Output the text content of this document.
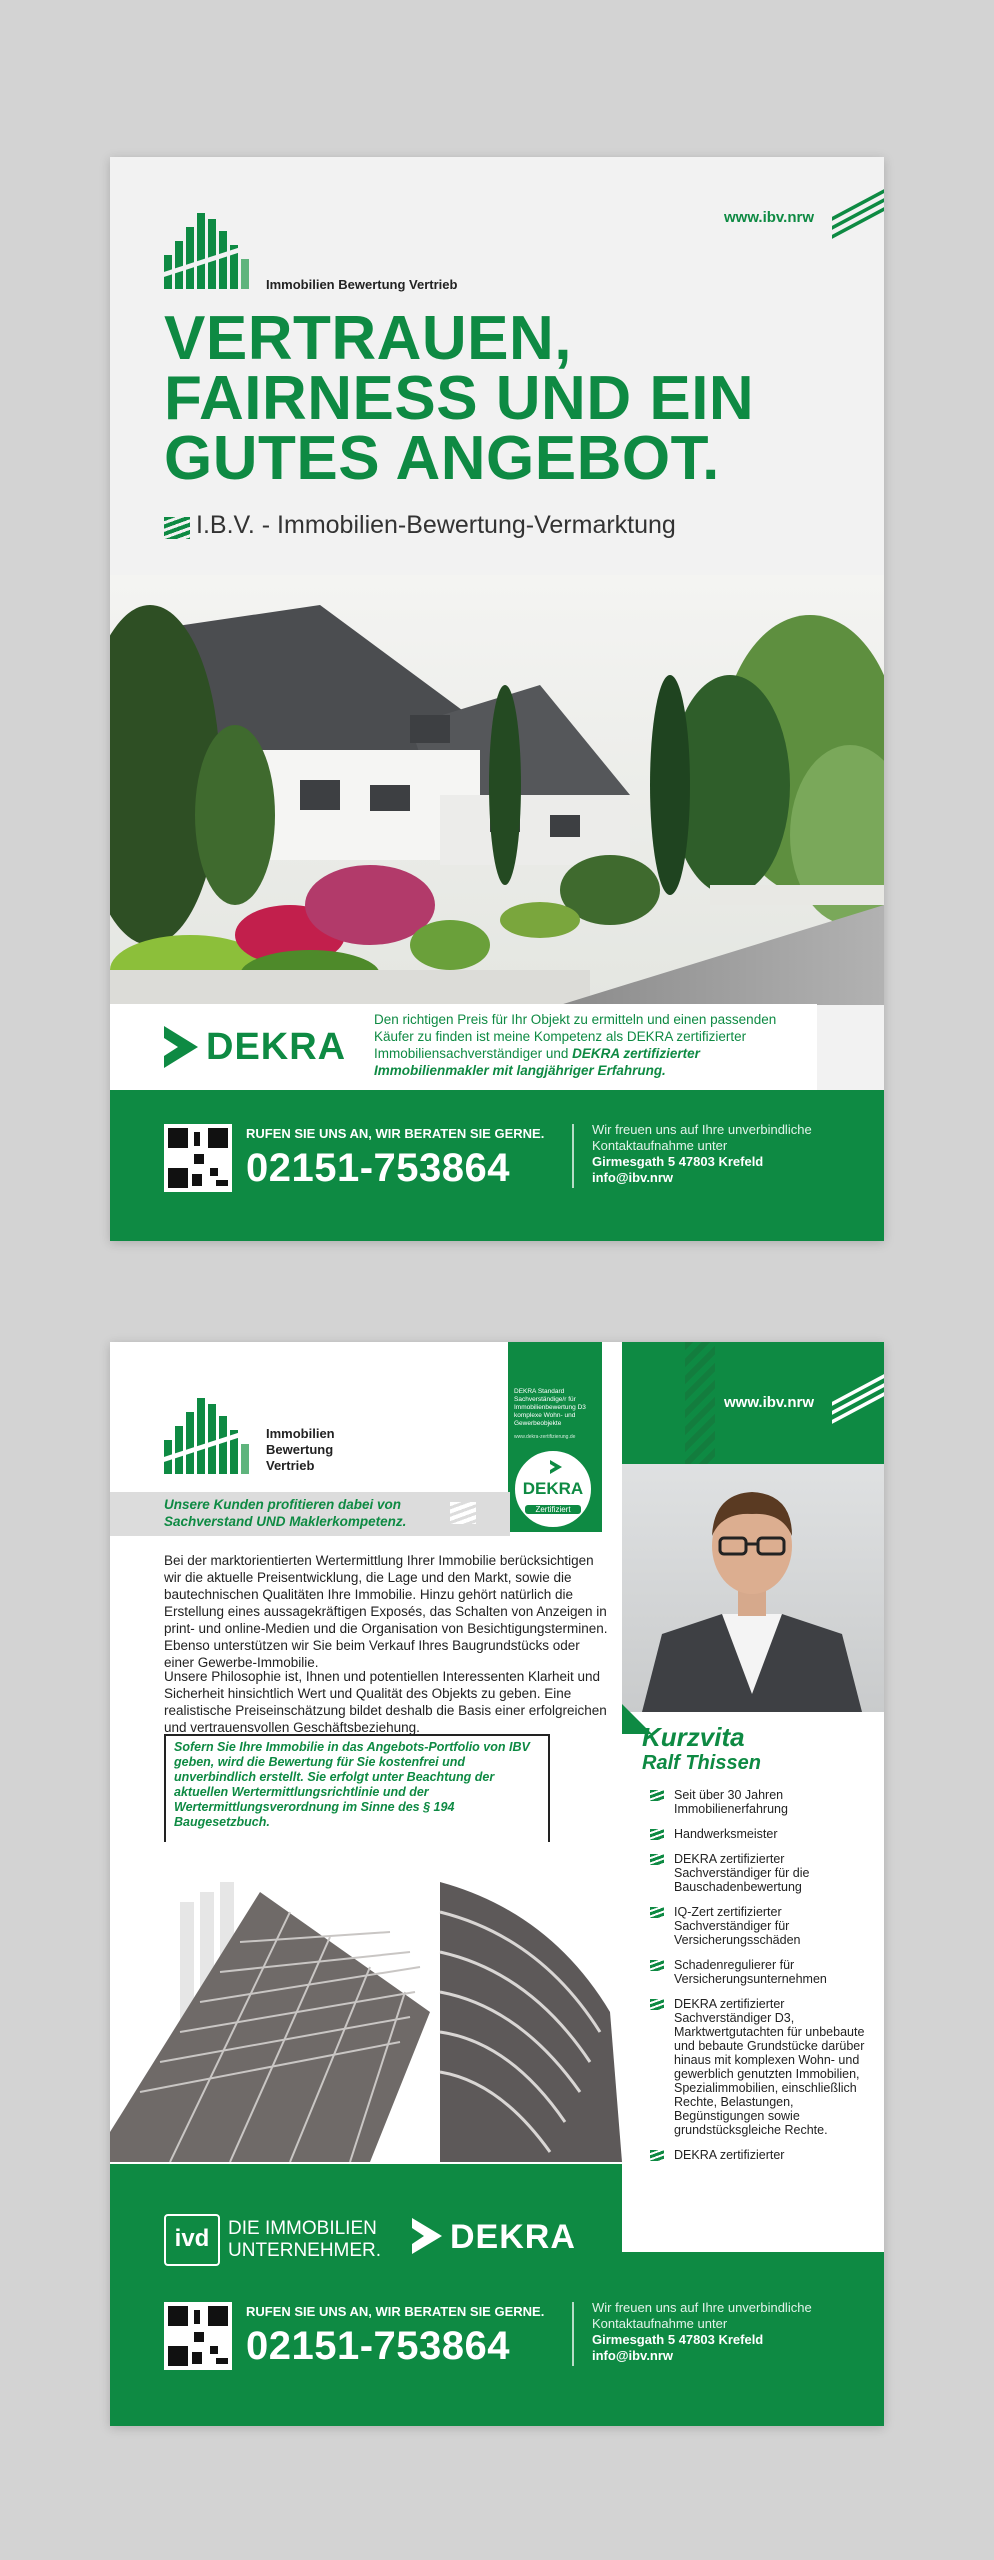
Immobilien Bewertung Vertrieb
www.ibv.nrw
VERTRAUEN,
FAIRNESS UND EIN
GUTES ANGEBOT.
I.B.V. - Immobilien-Bewertung-Vermarktung
DEKRA
Den richtigen Preis für Ihr Objekt zu ermitteln und einen passenden Käufer zu finden ist meine Kompetenz als DEKRA zertifizierter Immobiliensachverständiger und DEKRA zertifizierter Immobilienmakler mit langjähriger Erfahrung.
RUFEN SIE UNS AN, WIR BERATEN SIE GERNE.
02151-753864
Wir freuen uns auf Ihre unverbindliche Kontaktaufnahme unter
Girmesgath 5 47803 Krefeld
info@ibv.nrw
www.ibv.nrw
Immobilien
Bewertung
Vertrieb
DEKRA Standard Sachverständige/r für Immobilienbewertung D3 komplexe Wohn- und Gewerbeobjekte
www.dekra-zertifizierung.de
DEKRA
Zertifiziert
Unsere Kunden profitieren dabei von Sachverstand UND Maklerkompetenz.
Bei der marktorientierten Wertermittlung Ihrer Immobilie berücksichtigen wir die aktuelle Preisentwicklung, die Lage und den Markt, sowie die bautechnischen Qualitäten Ihre Immobilie. Hinzu gehört natürlich die Erstellung eines aussagekräftigen Exposés, das Schalten von Anzeigen in print- und online-Medien und die Organisation von Besichtigungsterminen. Ebenso unterstützen wir Sie beim Verkauf Ihres Baugrundstücks oder einer Gewerbe-Immobilie.
Unsere Philosophie ist, Ihnen und potentiellen Interessenten Klarheit und Sicherheit hinsichtlich Wert und Qualität des Objekts zu geben. Eine realistische Preiseinschätzung bildet deshalb die Basis einer erfolgreichen und vertrauensvollen Geschäftsbeziehung.
Sofern Sie Ihre Immobilie in das Angebots-Portfolio von IBV geben, wird die Bewertung für Sie kostenfrei und unverbindlich erstellt. Sie erfolgt unter Beachtung der aktuellen Wertermittlungsrichtlinie und der Wertermittlungsverordnung im Sinne des § 194 Baugesetzbuch.
Kurzvita
Ralf Thissen
Seit über 30 Jahren Immobilienerfahrung
Handwerksmeister
DEKRA zertifizierter Sachverständiger für die Bauschadenbewertung
IQ-Zert zertifizierter Sachverständiger für Versicherungsschäden
Schadenregulierer für Versicherungsunternehmen
DEKRA zertifizierter Sachverständiger D3, Marktwertgutachten für unbebaute und bebaute Grundstücke darüber hinaus mit komplexen Wohn- und gewerblich genutzten Immobilien, Spezialimmobilien, einschließlich Rechte, Belastungen, Begünstigungen sowie grundstücksgleiche Rechte.
DEKRA zertifizierter
ivd DIE IMMOBILIEN
UNTERNEHMER. DEKRA
RUFEN SIE UNS AN, WIR BERATEN SIE GERNE.
02151-753864
Wir freuen uns auf Ihre unverbindliche Kontaktaufnahme unter
Girmesgath 5 47803 Krefeld
info@ibv.nrw
